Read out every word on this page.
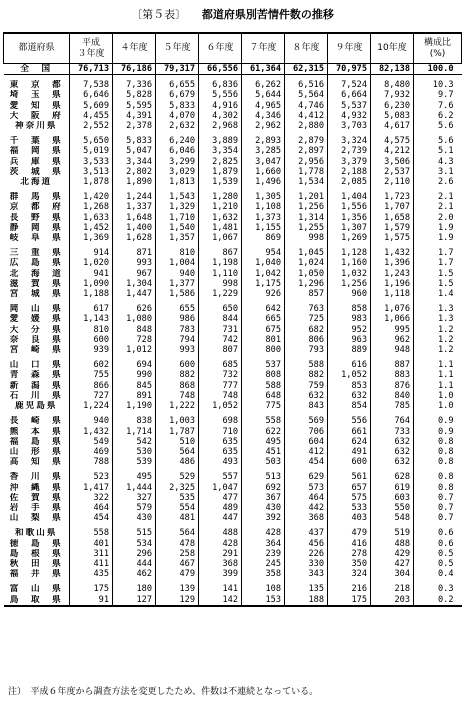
〔第５表〕 都道府県別苦情件数の推移
都道府県	平成
３年度	４年度	５年度	６年度	７年度	８年度	９年度	10年度	構成比
(%)
全　国	76,713	76,186	79,317	66,556	61,364	62,315	70,975	82,138	100.0

東　京　都	7,538	7,336	6,655	6,836	6,262	6,516	7,524	8,480	10.3
埼　玉　県	6,646	5,828	6,679	5,556	5,644	5,564	6,664	7,932	9.7
愛　知　県	5,609	5,595	5,833	4,916	4,965	4,746	5,537	6,230	7.6
大　阪　府	4,455	4,391	4,070	4,302	4,346	4,412	4,932	5,083	6.2
神奈川県	2,552	2,378	2,632	2,968	2,962	2,880	3,703	4,617	5.6

千　葉　県	5,650	5,833	6,240	3,889	2,893	2,879	3,324	4,575	5.6
福　岡　県	5,019	5,047	6,046	3,354	3,285	2,897	2,739	4,212	5.1
兵　庫　県	3,533	3,344	3,299	2,825	3,047	2,956	3,379	3,506	4.3
茨　城　県	3,513	2,802	3,029	1,879	1,660	1,778	2,188	2,537	3.1
北海道	1,878	1,890	1,813	1,539	1,496	1,534	2,085	2,110	2.6

群　馬　県	1,420	1,244	1,543	1,280	1,305	1,201	1,404	1,723	2.1
京　都　府	1,268	1,337	1,329	1,210	1,108	1,256	1,556	1,707	2.1
長　野　県	1,633	1,648	1,710	1,632	1,373	1,314	1,356	1,658	2.0
静　岡　県	1,452	1,400	1,540	1,481	1,155	1,255	1,307	1,579	1.9
岐　阜　県	1,369	1,628	1,357	1,067	869	998	1,269	1,575	1.9

三　重　県	914	871	810	867	954	1,045	1,128	1,432	1.7
広　島　県	1,020	993	1,004	1,198	1,040	1,024	1,160	1,396	1.7
北　海　道	941	967	940	1,110	1,042	1,050	1,032	1,243	1.5
滋　賀　県	1,090	1,304	1,377	998	1,175	1,296	1,256	1,196	1.5
宮　城　県	1,188	1,447	1,586	1,229	926	857	960	1,118	1.4

岡　山　県	617	626	655	650	642	763	858	1,076	1.3
愛　媛　県	1,143	1,080	986	844	665	725	983	1,066	1.3
大　分　県	810	848	783	731	675	682	952	995	1.2
奈　良　県	600	728	794	742	801	806	963	962	1.2
宮　崎　県	939	1,012	993	807	800	793	889	948	1.2

山　口　県	602	694	600	685	537	588	616	887	1.1
青　森　県	755	990	882	732	808	882	1,052	883	1.1
新　潟　県	866	845	868	777	588	759	853	876	1.1
石　川　県	727	891	748	748	648	632	632	840	1.0
鹿児島県	1,224	1,190	1,222	1,052	775	843	854	785	1.0

長　崎　県	940	838	1,003	698	558	569	556	764	0.9
熊　本　県	1,432	1,714	1,787	710	622	706	661	733	0.9
福　島　県	549	542	510	635	495	604	624	632	0.8
山　形　県	469	530	564	635	451	412	491	632	0.8
高　知　県	788	539	486	493	503	454	600	632	0.8

香　川　県	523	495	529	557	513	629	561	628	0.8
沖　縄　県	1,417	1,444	2,325	1,047	692	573	657	619	0.8
佐　賀　県	322	327	535	477	367	464	575	603	0.7
岩　手　県	464	579	554	489	430	442	533	550	0.7
山　梨　県	454	430	481	447	392	368	403	548	0.7

和歌山県	558	515	564	488	428	437	479	519	0.6
徳　島　県	401	534	478	428	364	456	416	488	0.6
島　根　県	311	296	258	291	239	226	278	429	0.5
秋　田　県	411	444	467	368	245	330	350	427	0.5
福　井　県	435	462	479	399	358	343	324	304	0.4

富　山　県	175	180	139	141	108	135	216	218	0.3
鳥　取　県	91	127	129	142	153	188	175	203	0.2
注）　平成６年度から調査方法を変更したため、件数は不連続となっている。
